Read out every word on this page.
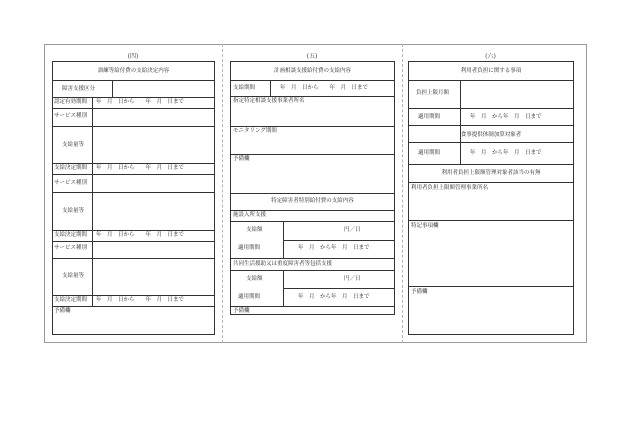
(四)	(五)	(六)
訓練等給付費の支給決定内容
障害支援区分
認定有効期間 年　月　日から　　年　月　日まで
サービス種別
支給量等
支給決定期間 年　月　日から　　年　月　日まで
サービス種別
支給量等
支給決定期間 年　月　日から　　年　月　日まで
サービス種別
支給量等
支給決定期間 年　月　日から　　年　月　日まで
予備欄
計画相談支援給付費の支給内容
支給期間	年　月　日から　　年　月　日まで
指定特定相談支援事業者所名
モニタリング期間
予備欄
特定障害者特別給付費の支給内容
施設入所支援
支給額	円／日
適用期間	年　月　から年　月　日まで
共同生活援助又は重度障害者等包括支援
支給額	円／日
適用期間	年　月　から年　月　日まで
予備欄
利用者負担に関する事項
負担上限月額
適用期間	年　月　から年　月　日まで
食事提供体制加算対象者
適用期間	年　月　から年　月　日まで
利用者負担上限額管理対象者該当の有無
利用者負担上限額管理事業所名
特記事項欄
予備欄
